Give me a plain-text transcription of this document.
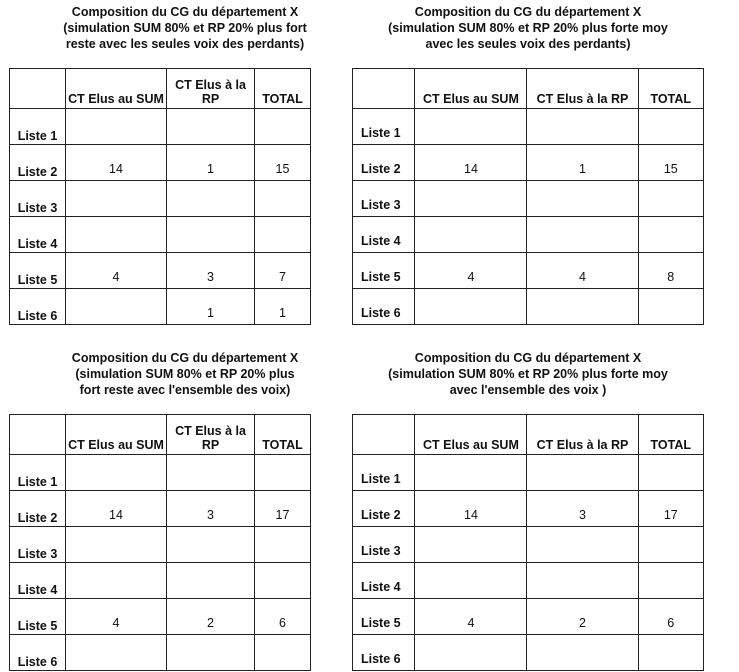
Composition du CG du département X
(simulation SUM 80% et RP 20% plus fort
reste avec les seules voix des perdants)
	CT Elus au SUM	CT Elus à la RP	TOTAL
Liste 1			
Liste 2	14	1	15
Liste 3			
Liste 4			
Liste 5	4	3	7
Liste 6		1	1
Composition du CG du département X
(simulation SUM 80% et RP 20% plus forte moy
avec les seules voix des perdants)
	CT Elus au SUM	CT Elus à la RP	TOTAL
Liste 1			
Liste 2	14	1	15
Liste 3			
Liste 4			
Liste 5	4	4	8
Liste 6			
Composition du CG du département X
(simulation SUM 80% et RP 20% plus
fort reste avec l'ensemble des voix)
	CT Elus au SUM	CT Elus à la RP	TOTAL
Liste 1			
Liste 2	14	3	17
Liste 3			
Liste 4			
Liste 5	4	2	6
Liste 6			
Composition du CG du département X
(simulation SUM 80% et RP 20% plus forte moy
avec l'ensemble des voix )
	CT Elus au SUM	CT Elus à la RP	TOTAL
Liste 1			
Liste 2	14	3	17
Liste 3			
Liste 4			
Liste 5	4	2	6
Liste 6			
